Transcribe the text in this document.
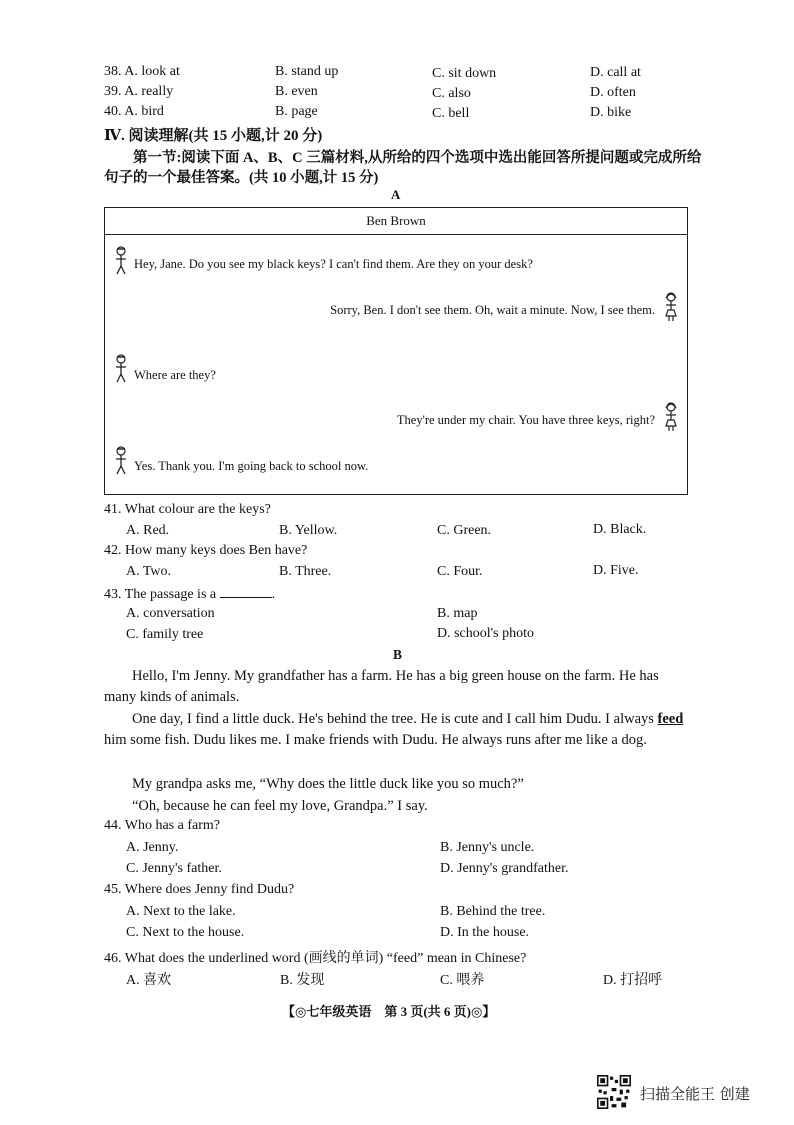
38. A. look at	B. stand up	C. sit down	D. call at
39. A. really	B. even	C. also	D. often
40. A. bird	B. page	C. bell	D. bike
Ⅳ. 阅读理解(共 15 小题,计 20 分)
第一节:阅读下面 A、B、C 三篇材料,从所给的四个选项中选出能回答所提问题或完成所给
句子的一个最佳答案。(共 10 小题,计 15 分)
A
Ben Brown
Hey, Jane. Do you see my black keys? I can't find them. Are they on your desk?
Sorry, Ben. I don't see them. Oh, wait a minute. Now, I see them.
Where are they?
They're under my chair. You have three keys, right?
Yes. Thank you. I'm going back to school now.
41. What colour are the keys?
A. Red.	B. Yellow.	C. Green.	D. Black.
42. How many keys does Ben have?
A. Two.	B. Three.	C. Four.	D. Five.
43. The passage is a	.
A. conversation	B. map
C. family tree	D. school's photo
B
Hello, I'm Jenny. My grandfather has a farm. He has a big green house on the farm. He has many kinds of animals.
One day, I find a little duck. He's behind the tree. He is cute and I call him Dudu. I always feed him some fish. Dudu likes me. I make friends with Dudu. He always runs after me like a dog.
My grandpa asks me, “Why does the little duck like you so much?”
“Oh, because he can feel my love, Grandpa.” I say.
44. Who has a farm?
A. Jenny.	B. Jenny's uncle.
C. Jenny's father.	D. Jenny's grandfather.
45. Where does Jenny find Dudu?
A. Next to the lake.	B. Behind the tree.
C. Next to the house.	D. In the house.
46. What does the underlined word (画线的单词) “feed” mean in Chinese?
A. 喜欢	B. 发现	C. 喂养	D. 打招呼
【◎七年级英语　第 3 页(共 6 页)◎】
扫描全能王 创建
